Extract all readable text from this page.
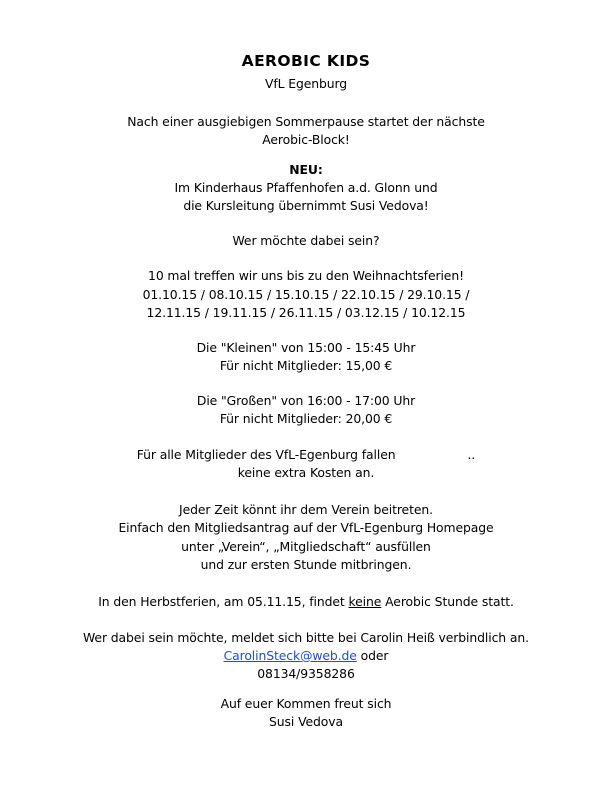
AEROBIC KIDS
VfL Egenburg
Nach einer ausgiebigen Sommerpause startet der nächste
Aerobic-Block!
NEU:
Im Kinderhaus Pfaffenhofen a.d. Glonn und
die Kursleitung übernimmt Susi Vedova!
Wer möchte dabei sein?
10 mal treffen wir uns bis zu den Weihnachtsferien!
01.10.15 / 08.10.15 / 15.10.15 / 22.10.15 / 29.10.15 /
12.11.15 / 19.11.15 / 26.11.15 / 03.12.15 / 10.12.15
Die "Kleinen" von 15:00 - 15:45 Uhr
Für nicht Mitglieder: 15,00 €
Die "Großen" von 16:00 - 17:00 Uhr
Für nicht Mitglieder: 20,00 €
Für alle Mitglieder des VfL-Egenburg fallen	..
keine extra Kosten an.
Jeder Zeit könnt ihr dem Verein beitreten.
Einfach den Mitgliedsantrag auf der VfL-Egenburg Homepage
unter „Verein“, „Mitgliedschaft“ ausfüllen
und zur ersten Stunde mitbringen.
In den Herbstferien, am 05.11.15, findet keine Aerobic Stunde statt.
Wer dabei sein möchte, meldet sich bitte bei Carolin Heiß verbindlich an.
CarolinSteck@web.de oder
08134/9358286
Auf euer Kommen freut sich
Susi Vedova
